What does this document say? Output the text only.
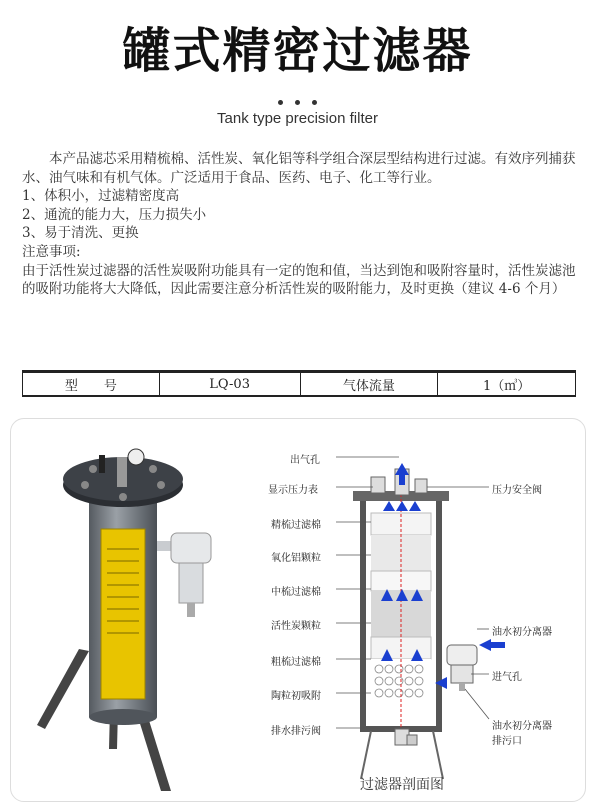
罐式精密过滤器
Tank type precision filter

本产品滤芯采用精梳棉、活性炭、氧化铝等科学组合深层型结构进行过滤。有效序列捕获水、油气味和有机气体。广泛适用于食品、医药、电子、化工等行业。

1、体积小，过滤精密度高

2、通流的能力大，压力损失小

3、易于清洗、更换

注意事项:

由于活性炭过滤器的活性炭吸附功能具有一定的饱和值，当达到饱和吸附容量时，活性炭滤池的吸附功能将大大降低，因此需要注意分析活性炭的吸附能力，及时更换（建议 4-6 个月）

型　　号	LQ-03	气体流量	1（㎥）
出气孔
显示压力表
精梳过滤棉
氧化铝颗粒
中梳过滤棉
活性炭颗粒
粗梳过滤棉
陶粒初吸附
排水排污阀
压力安全阀
油水初分离器
进气孔
油水初分离器
排污口
过滤器剖面图
